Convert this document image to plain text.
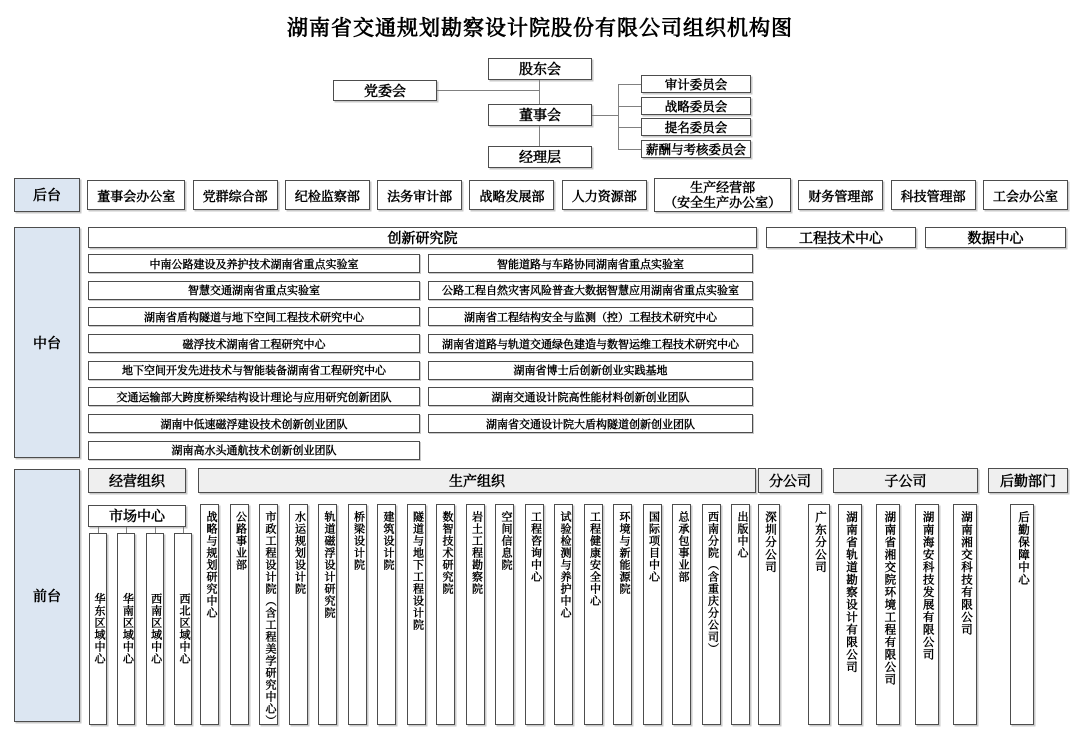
湖南省交通规划勘察设计院股份有限公司组织机构图
股东会
党委会
董事会
经理层
审计委员会
战略委员会
提名委员会
薪酬与考核委员会
后台	董事会办公室	党群综合部	纪检监察部	法务审计部	战略发展部	人力资源部
生产经营部
（安全生产办公室）	财务管理部	科技管理部	工会办公室
中台
创新研究院	工程技术中心	数据中心
中南公路建设及养护技术湖南省重点实验室	智能道路与车路协同湖南省重点实验室
智慧交通湖南省重点实验室	公路工程自然灾害风险普查大数据智慧应用湖南省重点实验室
湖南省盾构隧道与地下空间工程技术研究中心	湖南省工程结构安全与监测（控）工程技术研究中心
磁浮技术湖南省工程研究中心	湖南省道路与轨道交通绿色建造与数智运维工程技术研究中心
地下空间开发先进技术与智能装备湖南省工程研究中心	湖南省博士后创新创业实践基地
交通运输部大跨度桥梁结构设计理论与应用研究创新团队	湖南交通设计院高性能材料创新创业团队
湖南中低速磁浮建设技术创新创业团队	湖南省交通设计院大盾构隧道创新创业团队
湖南高水头通航技术创新创业团队
前台
经营组织	生产组织	分公司	子公司	后勤部门
市场中心
华东区域中心	华南区域中心	西南区域中心	西北区域中心
战略与规划研究中心	公路事业部	市政工程设计院（含工程美学研究中心）	水运规划设计院	轨道磁浮设计研究院	桥梁设计院	建筑设计院	隧道与地下工程设计院	数智技术研究院	岩土工程勘察院	空间信息院	工程咨询中心	试验检测与养护中心	工程健康安全中心	环境与新能源院	国际项目中心	总承包事业部	西南分院（含重庆分公司）	出版中心	深圳分公司	广东分公司	湖南省轨道勘察设计有限公司	湖南省湘交院环境工程有限公司	湖南海安科技发展有限公司	湖南湘交科技有限公司	后勤保障中心
